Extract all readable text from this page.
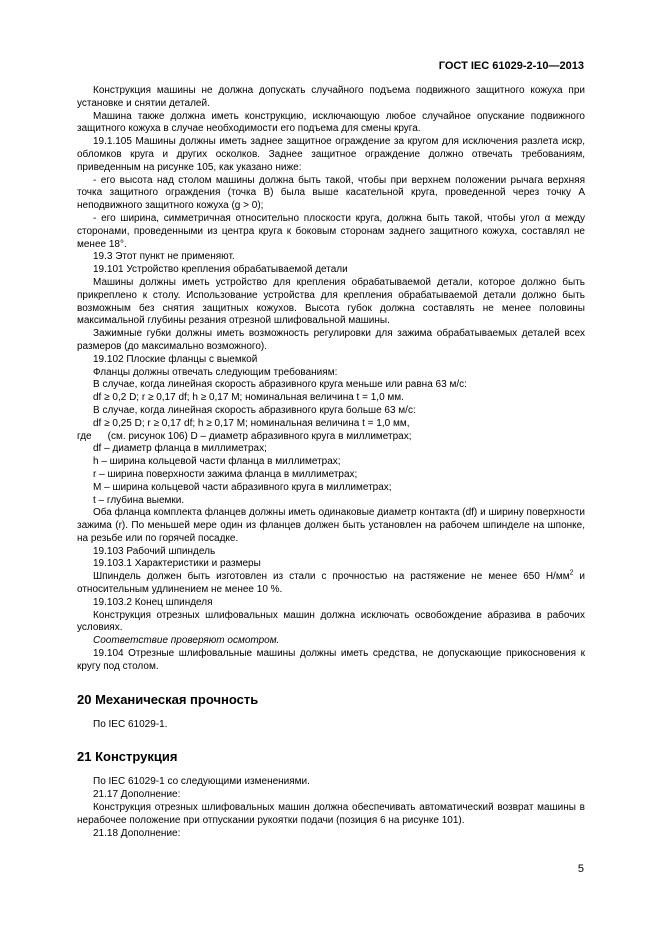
ГОСТ IEC 61029-2-10—2013

Конструкция машины не должна допускать случайного подъема подвижного защитного кожуха при установке и снятии деталей.

Машина также должна иметь конструкцию, исключающую любое случайное опускание подвижного защитного кожуха в случае необходимости его подъема для смены круга.

19.1.105 Машины должны иметь заднее защитное ограждение за кругом для исключения разлета искр, обломков круга и других осколков. Заднее защитное ограждение должно отвечать требованиям, приведенным на рисунке 105, как указано ниже:

- его высота над столом машины должна быть такой, чтобы при верхнем положении рычага верхняя точка защитного ограждения (точка В) была выше касательной круга, проведенной через точку А неподвижного защитного кожуха (g > 0);

- его ширина, симметричная относительно плоскости круга, должна быть такой, чтобы угол α между сторонами, проведенными из центра круга к боковым сторонам заднего защитного кожуха, составлял не менее 18°.

19.3 Этот пункт не применяют.

19.101 Устройство крепления обрабатываемой детали

Машины должны иметь устройство для крепления обрабатываемой детали, которое должно быть прикреплено к столу. Использование устройства для крепления обрабатываемой детали должно быть возможным без снятия защитных кожухов. Высота губок должна составлять не менее половины максимальной глубины резания отрезной шлифовальной машины.

Зажимные губки должны иметь возможность регулировки для зажима обрабатываемых деталей всех размеров (до максимально возможного).

19.102 Плоские фланцы с выемкой

Фланцы должны отвечать следующим требованиям:

В случае, когда линейная скорость абразивного круга меньше или равна 63 м/с:

df ≥ 0,2 D; r ≥ 0,17 df; h ≥ 0,17 M; номинальная величина t = 1,0 мм.

В случае, когда линейная скорость абразивного круга больше 63 м/с:

df ≥ 0,25 D; r ≥ 0,17 df; h ≥ 0,17 M; номинальная величина t = 1,0 мм,

где (см. рисунок 106) D – диаметр абразивного круга в миллиметрах;

df – диаметр фланца в миллиметрах;

h – ширина кольцевой части фланца в миллиметрах;

r – ширина поверхности зажима фланца в миллиметрах;

M – ширина кольцевой части абразивного круга в миллиметрах;

t – глубина выемки.

Оба фланца комплекта фланцев должны иметь одинаковые диаметр контакта (df) и ширину поверхности зажима (r). По меньшей мере один из фланцев должен быть установлен на рабочем шпинделе на шпонке, на резьбе или по горячей посадке.

19.103 Рабочий шпиндель

19.103.1 Характеристики и размеры

Шпиндель должен быть изготовлен из стали с прочностью на растяжение не менее 650 $Н/мм^2$ и относительным удлинением не менее 10 %.

19.103.2 Конец шпинделя

Конструкция отрезных шлифовальных машин должна исключать освобождение абразива в рабочих условиях.

Соответствие проверяют осмотром.

19.104 Отрезные шлифовальные машины должны иметь средства, не допускающие прикосновения к кругу под столом.

20 Механическая прочность

По IEC 61029-1.

21 Конструкция

По IEC 61029-1 со следующими изменениями.

21.17 Дополнение:

Конструкция отрезных шлифовальных машин должна обеспечивать автоматический возврат машины в нерабочее положение при отпускании рукоятки подачи (позиция 6 на рисунке 101).

21.18 Дополнение:

5
